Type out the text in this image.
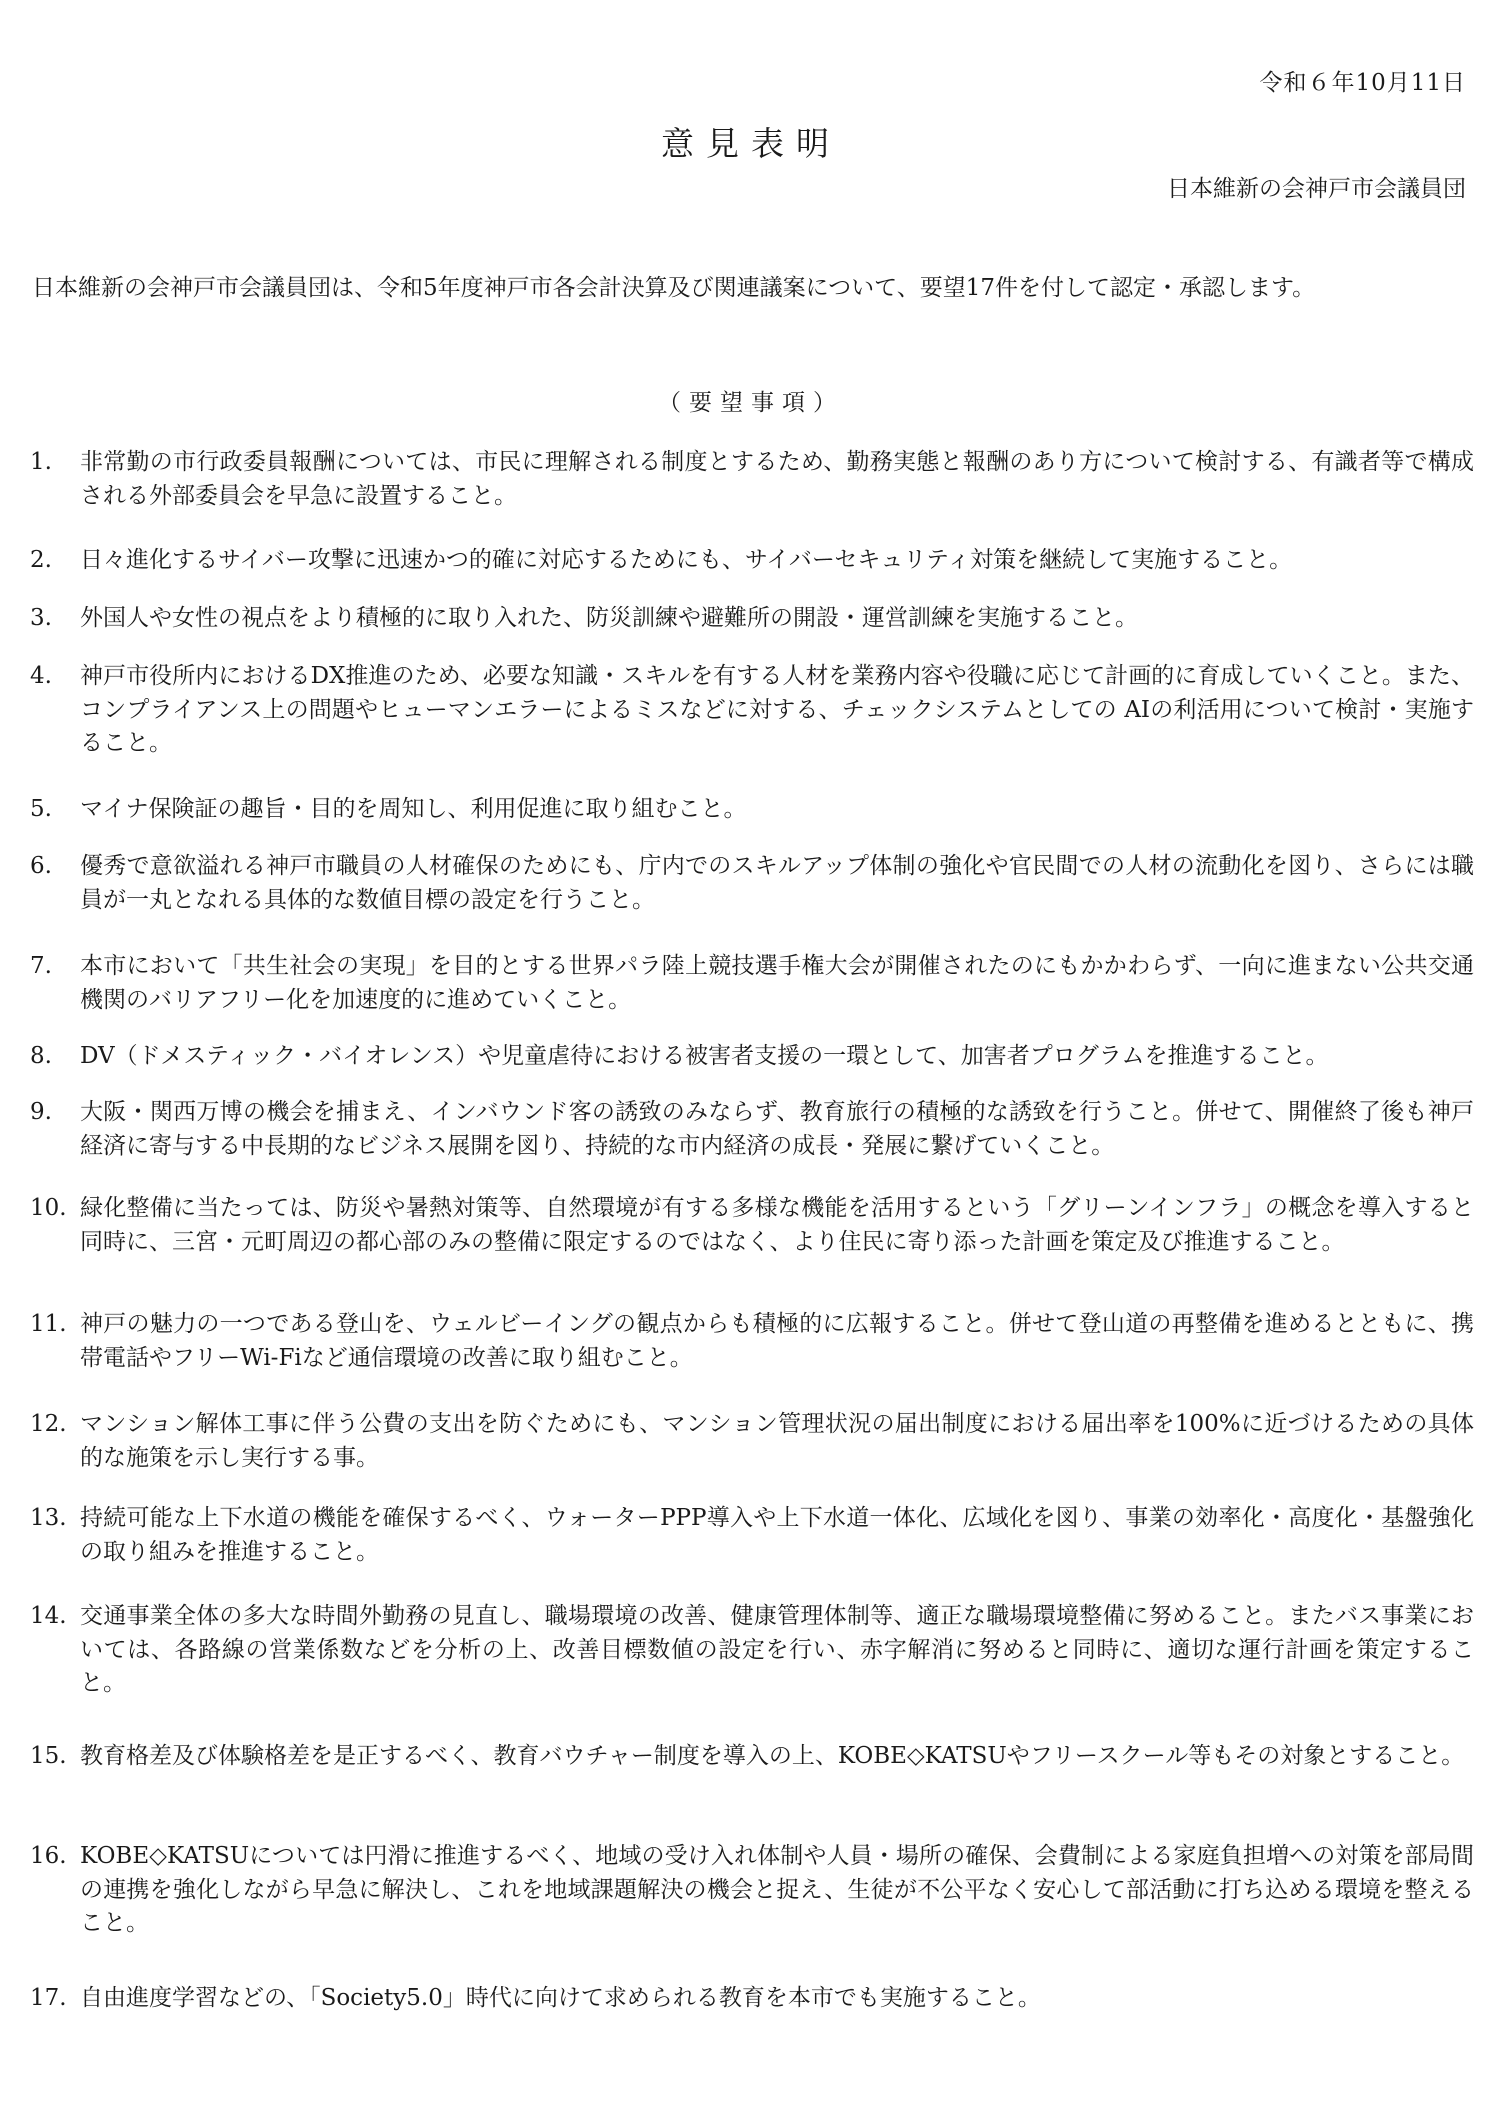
令和６年10月11日
意見表明
日本維新の会神戸市会議員団
日本維新の会神戸市会議員団は、令和5年度神戸市各会計決算及び関連議案について、要望17件を付して認定・承認します。
（要望事項）
1.	非常勤の市行政委員報酬については、市民に理解される制度とするため、勤務実態と報酬のあり方について検討する、有識者等で構成される外部委員会を早急に設置すること。
2.	日々進化するサイバー攻撃に迅速かつ的確に対応するためにも、サイバーセキュリティ対策を継続して実施すること。
3.	外国人や女性の視点をより積極的に取り入れた、防災訓練や避難所の開設・運営訓練を実施すること。
4.	神戸市役所内におけるDX推進のため、必要な知識・スキルを有する人材を業務内容や役職に応じて計画的に育成していくこと。また、コンプライアンス上の問題やヒューマンエラーによるミスなどに対する、チェックシステムとしての AIの利活用について検討・実施すること。
5.	マイナ保険証の趣旨・目的を周知し、利用促進に取り組むこと。
6.	優秀で意欲溢れる神戸市職員の人材確保のためにも、庁内でのスキルアップ体制の強化や官民間での人材の流動化を図り、さらには職員が一丸となれる具体的な数値目標の設定を行うこと。
7.	本市において「共生社会の実現」を目的とする世界パラ陸上競技選手権大会が開催されたのにもかかわらず、一向に進まない公共交通機関のバリアフリー化を加速度的に進めていくこと。
8.	DV（ドメスティック・バイオレンス）や児童虐待における被害者支援の一環として、加害者プログラムを推進すること。
9.	大阪・関西万博の機会を捕まえ、インバウンド客の誘致のみならず、教育旅行の積極的な誘致を行うこと。併せて、開催終了後も神戸経済に寄与する中長期的なビジネス展開を図り、持続的な市内経済の成長・発展に繋げていくこと。
10. 緑化整備に当たっては、防災や暑熱対策等、自然環境が有する多様な機能を活用するという「グリーンインフラ」の概念を導入すると同時に、三宮・元町周辺の都心部のみの整備に限定するのではなく、より住民に寄り添った計画を策定及び推進すること。
11. 神戸の魅力の一つである登山を、ウェルビーイングの観点からも積極的に広報すること。併せて登山道の再整備を進めるとともに、携帯電話やフリーWi-Fiなど通信環境の改善に取り組むこと。
12. マンション解体工事に伴う公費の支出を防ぐためにも、マンション管理状況の届出制度における届出率を100%に近づけるための具体的な施策を示し実行する事。
13. 持続可能な上下水道の機能を確保するべく、ウォーターPPP導入や上下水道一体化、広域化を図り、事業の効率化・高度化・基盤強化の取り組みを推進すること。
14. 交通事業全体の多大な時間外勤務の見直し、職場環境の改善、健康管理体制等、適正な職場環境整備に努めること。またバス事業においては、各路線の営業係数などを分析の上、改善目標数値の設定を行い、赤字解消に努めると同時に、適切な運行計画を策定すること。
15. 教育格差及び体験格差を是正するべく、教育バウチャー制度を導入の上、KOBE◇KATSUやフリースクール等もその対象とすること。
16. KOBE◇KATSUについては円滑に推進するべく、地域の受け入れ体制や人員・場所の確保、会費制による家庭負担増への対策を部局間の連携を強化しながら早急に解決し、これを地域課題解決の機会と捉え、生徒が不公平なく安心して部活動に打ち込める環境を整えること。
17. 自由進度学習などの、「Society5.0」時代に向けて求められる教育を本市でも実施すること。
